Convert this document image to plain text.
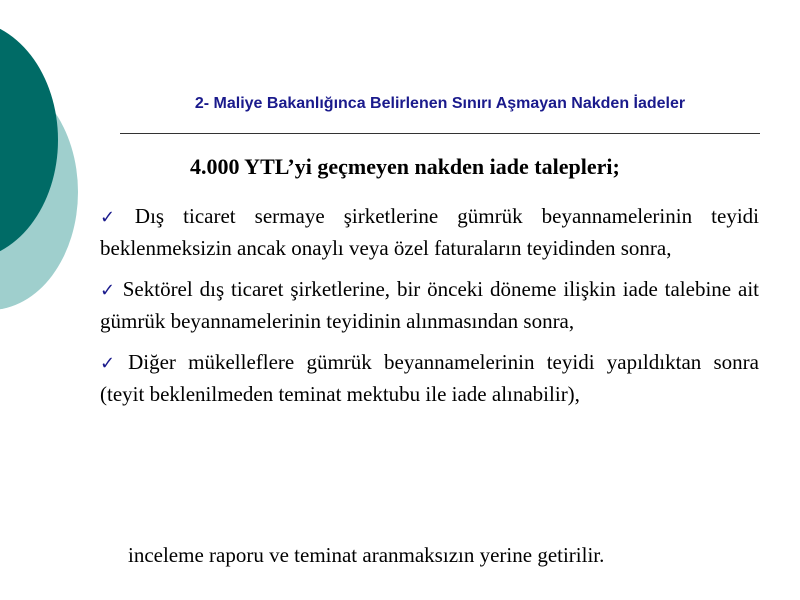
2- Maliye Bakanlığınca Belirlenen Sınırı Aşmayan Nakden İadeler
4.000 YTL’yi geçmeyen nakden iade talepleri;

✓ Dış ticaret sermaye şirketlerine gümrük beyannamelerinin teyidi beklenmeksizin ancak onaylı veya özel faturaların teyidinden sonra,

✓ Sektörel dış ticaret şirketlerine, bir önceki döneme ilişkin iade talebine ait gümrük beyannamelerinin teyidinin alınmasından sonra,

✓ Diğer mükelleflere gümrük beyannamelerinin teyidi yapıldıktan sonra (teyit beklenilmeden teminat mektubu ile iade alınabilir),

inceleme raporu ve teminat aranmaksızın yerine getirilir.
